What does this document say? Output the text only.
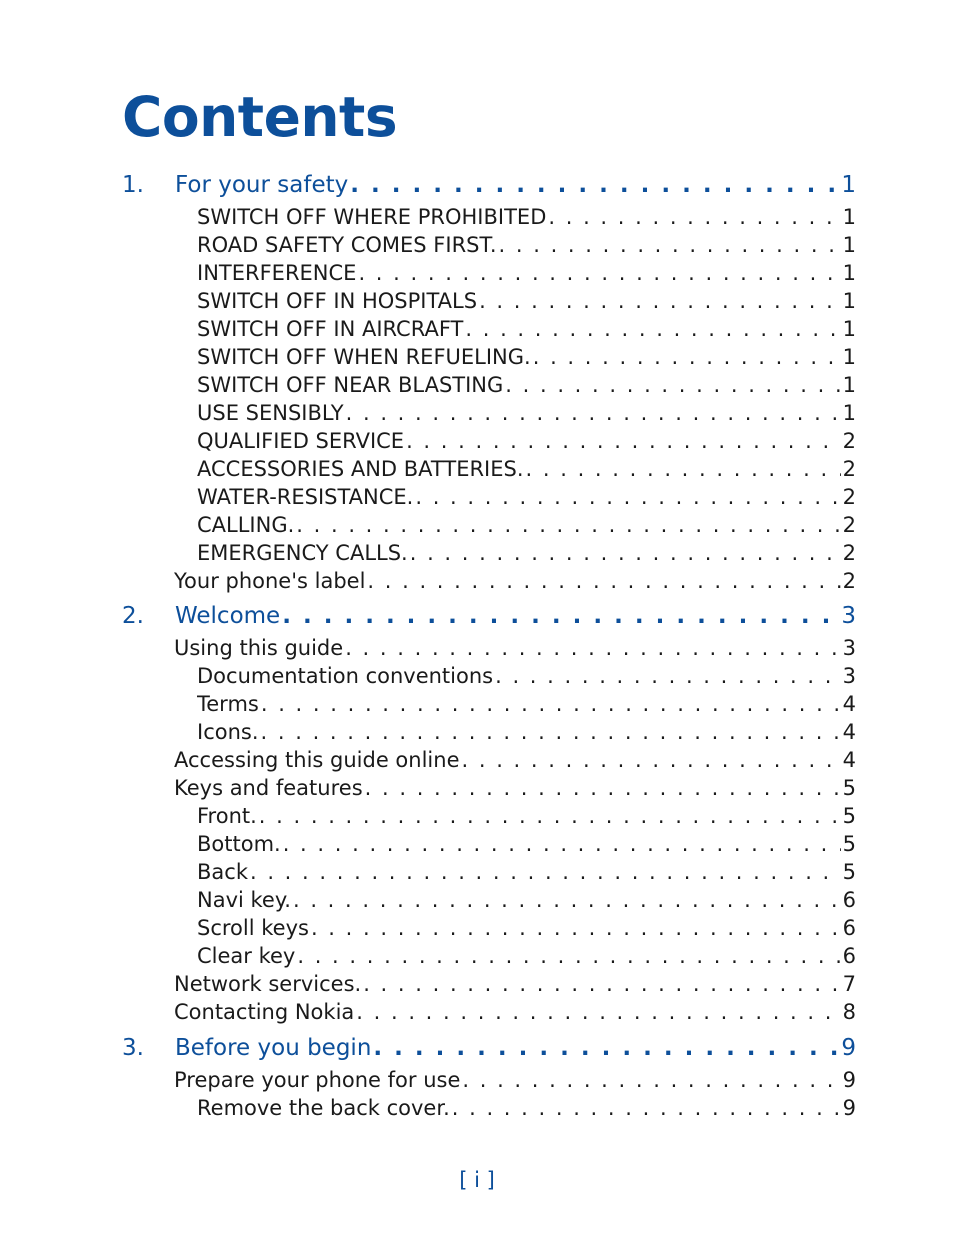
Contents
1.	For your safety . . .	1
SWITCH OFF WHERE PROHIBITED . . .	1
ROAD SAFETY COMES FIRST. . . .	1
INTERFERENCE . . .	1
SWITCH OFF IN HOSPITALS . . .	1
SWITCH OFF IN AIRCRAFT . . .	1
SWITCH OFF WHEN REFUELING. . . .	1
SWITCH OFF NEAR BLASTING . . .	1
USE SENSIBLY . . .	1
QUALIFIED SERVICE . . .	2
ACCESSORIES AND BATTERIES. . . .	2
WATER-RESISTANCE. . . .	2
CALLING. . . .	2
EMERGENCY CALLS. . . .	2
Your phone's label . . .	2
2.	Welcome . . .	3
Using this guide . . .	3
Documentation conventions . . .	3
Terms . . .	4
Icons. . . .	4
Accessing this guide online . . .	4
Keys and features . . .	5
Front. . . .	5
Bottom. . . .	5
Back . . .	5
Navi key. . . .	6
Scroll keys . . .	6
Clear key . . .	6
Network services. . . .	7
Contacting Nokia . . .	8
3.	Before you begin . . .	9
Prepare your phone for use . . .	9
Remove the back cover. . . .	9
[ i ]
